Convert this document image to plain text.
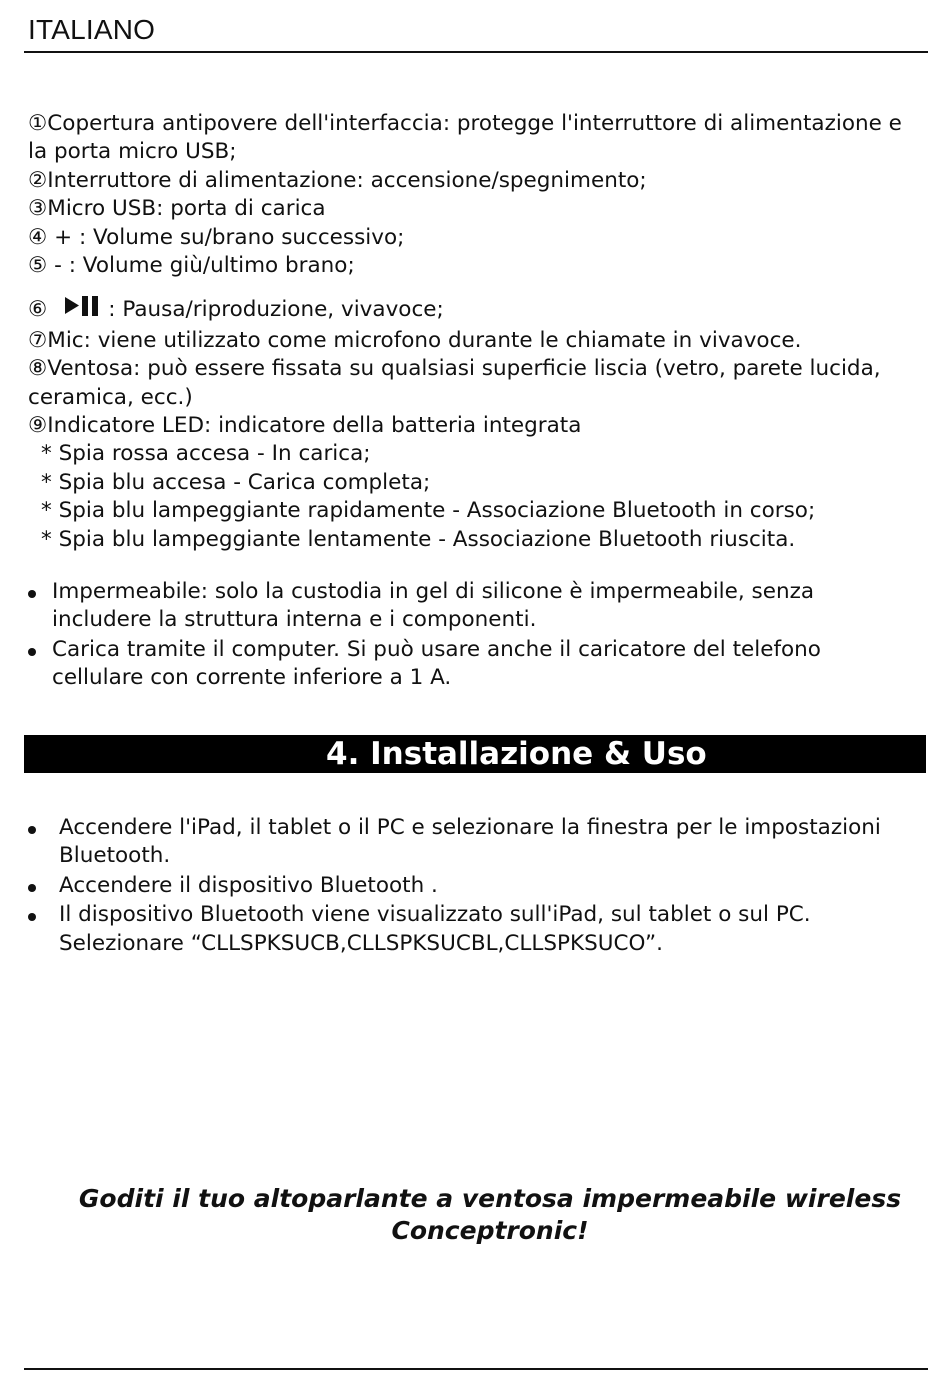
ITALIANO
①Copertura antipovere dell'interfaccia: protegge l'interruttore di alimentazione e la porta micro USB;
②Interruttore di alimentazione: accensione/spegnimento;
③Micro USB: porta di carica
④ + : Volume su/brano successivo;
⑤ - : Volume giù/ultimo brano;
⑥	: Pausa/riproduzione, vivavoce;
⑦Mic: viene utilizzato come microfono durante le chiamate in vivavoce.
⑧Ventosa: può essere fissata su qualsiasi superficie liscia (vetro, parete lucida, ceramica, ecc.)
⑨Indicatore LED: indicatore della batteria integrata
* Spia rossa accesa - In carica;
* Spia blu accesa - Carica completa;
* Spia blu lampeggiante rapidamente - Associazione Bluetooth in corso;
* Spia blu lampeggiante lentamente - Associazione Bluetooth riuscita.
Impermeabile: solo la custodia in gel di silicone è impermeabile, senza includere la struttura interna e i componenti.
Carica tramite il computer. Si può usare anche il caricatore del telefono cellulare con corrente inferiore a 1 A.
4. Installazione & Uso
Accendere l'iPad, il tablet o il PC e selezionare la finestra per le impostazioni Bluetooth.
Accendere il dispositivo Bluetooth .
Il dispositivo Bluetooth viene visualizzato sull'iPad, sul tablet o sul PC. Selezionare “CLLSPKSUCB,CLLSPKSUCBL,CLLSPKSUCO”.
Goditi il tuo altoparlante a ventosa impermeabile wireless
Conceptronic!
